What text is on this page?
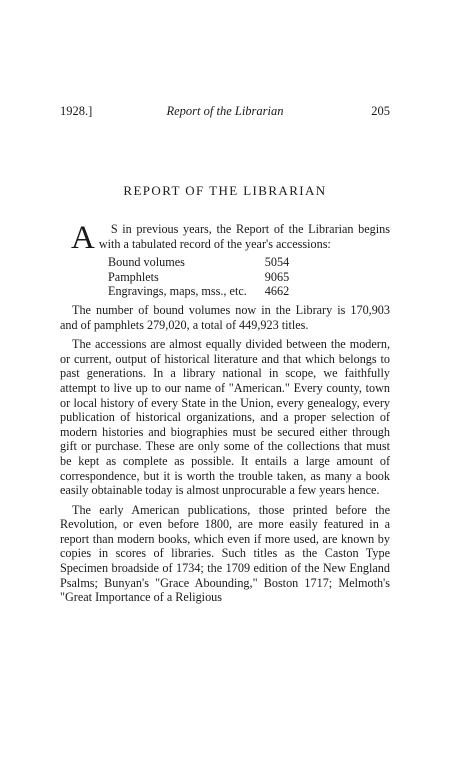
1928.]	Report of the Librarian	205
REPORT OF THE LIBRARIAN

A S in previous years, the Report of the Librarian begins with a tabulated record of the year's accessions:

Bound volumes	5054
Pamphlets	9065
Engravings, maps, mss., etc.	4662

The number of bound volumes now in the Library is 170,903 and of pamphlets 279,020, a total of 449,923 titles.

The accessions are almost equally divided between the modern, or current, output of historical literature and that which belongs to past generations. In a library national in scope, we faithfully attempt to live up to our name of "American." Every county, town or local history of every State in the Union, every genealogy, every publication of historical organizations, and a proper selection of modern histories and biographies must be secured either through gift or purchase. These are only some of the collections that must be kept as complete as possible. It entails a large amount of correspondence, but it is worth the trouble taken, as many a book easily obtainable today is almost unprocurable a few years hence.

The early American publications, those printed before the Revolution, or even before 1800, are more easily featured in a report than modern books, which even if more used, are known by copies in scores of libraries. Such titles as the Caston Type Specimen broadside of 1734; the 1709 edition of the New England Psalms; Bunyan's "Grace Abounding," Boston 1717; Melmoth's "Great Importance of a Religious
